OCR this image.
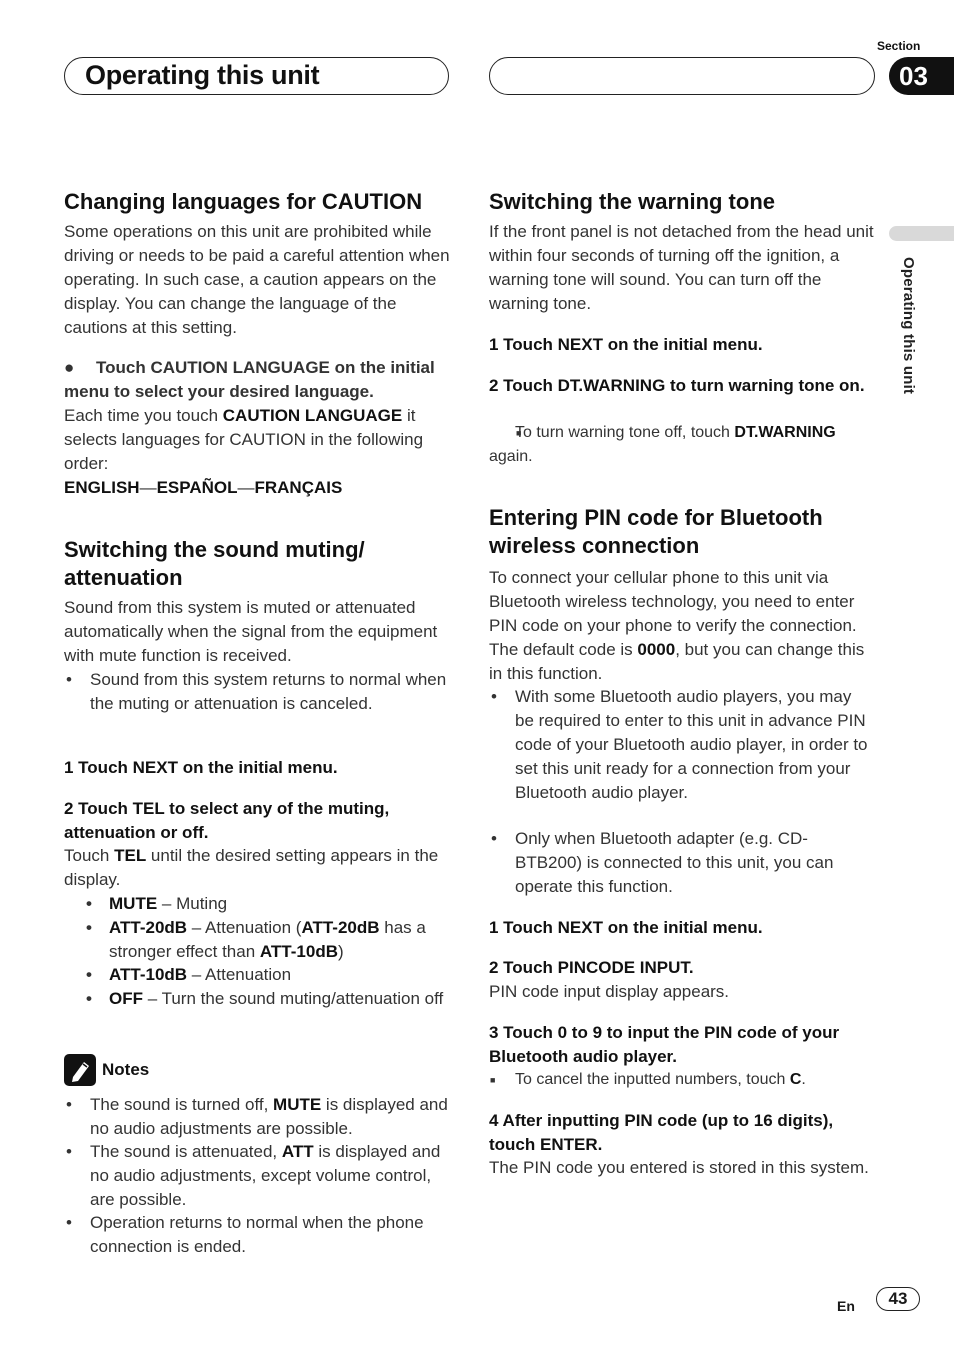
Operating this unit
Section
03
Operating this unit
Changing languages for CAUTION

Some operations on this unit are prohibited while driving or needs to be paid a careful attention when operating. In such case, a caution appears on the display. You can change the language of the cautions at this setting.

• ● Touch CAUTION LANGUAGE on the initial menu to select your desired language.

Each time you touch CAUTION LANGUAGE it selects languages for CAUTION in the following order:

ENGLISH—ESPAÑOL—FRANÇAIS

Switching the sound muting/ attenuation

Sound from this system is muted or attenuated automatically when the signal from the equipment with mute function is received.

• Sound from this system returns to normal when the muting or attenuation is canceled.

1 Touch NEXT on the initial menu.

2 Touch TEL to select any of the muting, attenuation or off.

Touch TEL until the desired setting appears in the display.

• MUTE – Muting
• ATT-20dB – Attenuation (ATT-20dB has a stronger effect than ATT-10dB)
• ATT-10dB – Attenuation
• OFF – Turn the sound muting/attenuation off
Notes
• The sound is turned off, MUTE is displayed and no audio adjustments are possible.
• The sound is attenuated, ATT is displayed and no audio adjustments, except volume control, are possible.
• Operation returns to normal when the phone connection is ended.
Switching the warning tone

If the front panel is not detached from the head unit within four seconds of turning off the ignition, a warning tone will sound. You can turn off the warning tone.

1 Touch NEXT on the initial menu.

2 Touch DT.WARNING to turn warning tone on.

■ To turn warning tone off, touch DT.WARNING again.
Entering PIN code for Bluetooth wireless connection

To connect your cellular phone to this unit via Bluetooth wireless technology, you need to enter PIN code on your phone to verify the connection. The default code is 0000, but you can change this in this function.

• With some Bluetooth audio players, you may be required to enter to this unit in advance PIN code of your Bluetooth audio player, in order to set this unit ready for a connection from your Bluetooth audio player.
• Only when Bluetooth adapter (e.g. CD-BTB200) is connected to this unit, you can operate this function.

1 Touch NEXT on the initial menu.

2 Touch PINCODE INPUT.

PIN code input display appears.

3 Touch 0 to 9 to input the PIN code of your Bluetooth audio player.

■ To cancel the inputted numbers, touch C.

4 After inputting PIN code (up to 16 digits), touch ENTER.

The PIN code you entered is stored in this system.

En	43
